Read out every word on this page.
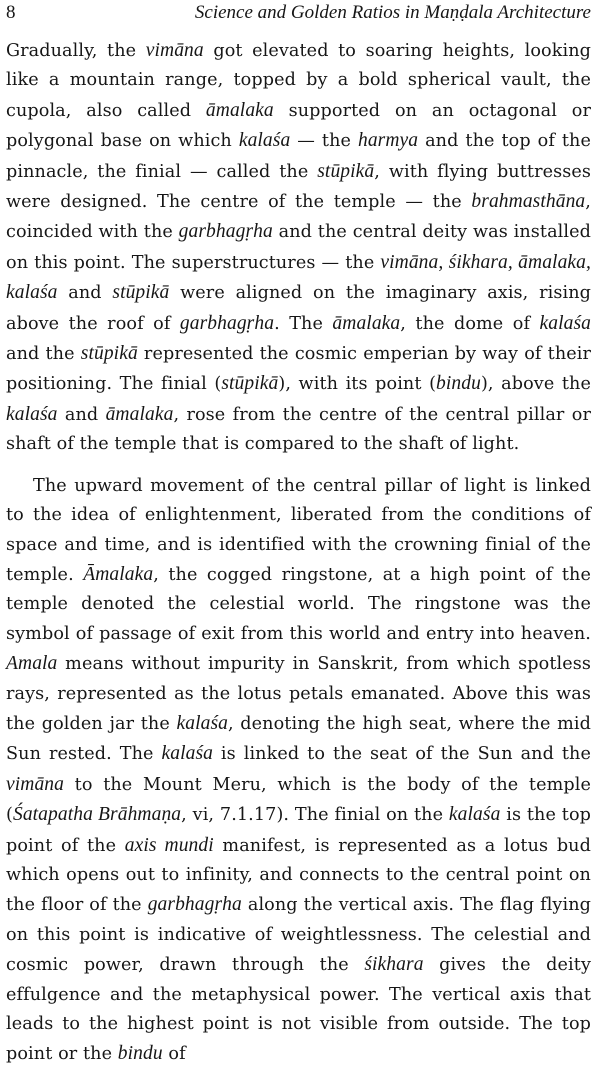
8	Science and Golden Ratios in Maṇḍala Architecture

Gradually, the vimāna got elevated to soaring heights, looking like a mountain range, topped by a bold spherical vault, the cupola, also called āmalaka supported on an octagonal or polygonal base on which kalaśa — the harmya and the top of the pinnacle, the finial — called the stūpikā, with flying buttresses were designed. The centre of the temple — the brahmasthāna, coincided with the garbhagṛha and the central deity was installed on this point. The superstructures — the vimāna, śikhara, āmalaka, kalaśa and stūpikā were aligned on the imaginary axis, rising above the roof of garbhagṛha. The āmalaka, the dome of kalaśa and the stūpikā represented the cosmic emperian by way of their positioning. The finial (stūpikā), with its point (bindu), above the kalaśa and āmalaka, rose from the centre of the central pillar or shaft of the temple that is compared to the shaft of light.

The upward movement of the central pillar of light is linked to the idea of enlightenment, liberated from the conditions of space and time, and is identified with the crowning finial of the temple. Āmalaka, the cogged ringstone, at a high point of the temple denoted the celestial world. The ringstone was the symbol of passage of exit from this world and entry into heaven. Amala means without impurity in Sanskrit, from which spotless rays, represented as the lotus petals emanated. Above this was the golden jar the kalaśa, denoting the high seat, where the mid Sun rested. The kalaśa is linked to the seat of the Sun and the vimāna to the Mount Meru, which is the body of the temple (Śatapatha Brāhmaṇa, vi, 7.1.17). The finial on the kalaśa is the top point of the axis mundi manifest, is represented as a lotus bud which opens out to infinity, and connects to the central point on the floor of the garbhagṛha along the vertical axis. The flag flying on this point is indicative of weightlessness. The celestial and cosmic power, drawn through the śikhara gives the deity effulgence and the metaphysical power. The vertical axis that leads to the highest point is not visible from outside. The top point or the bindu of
